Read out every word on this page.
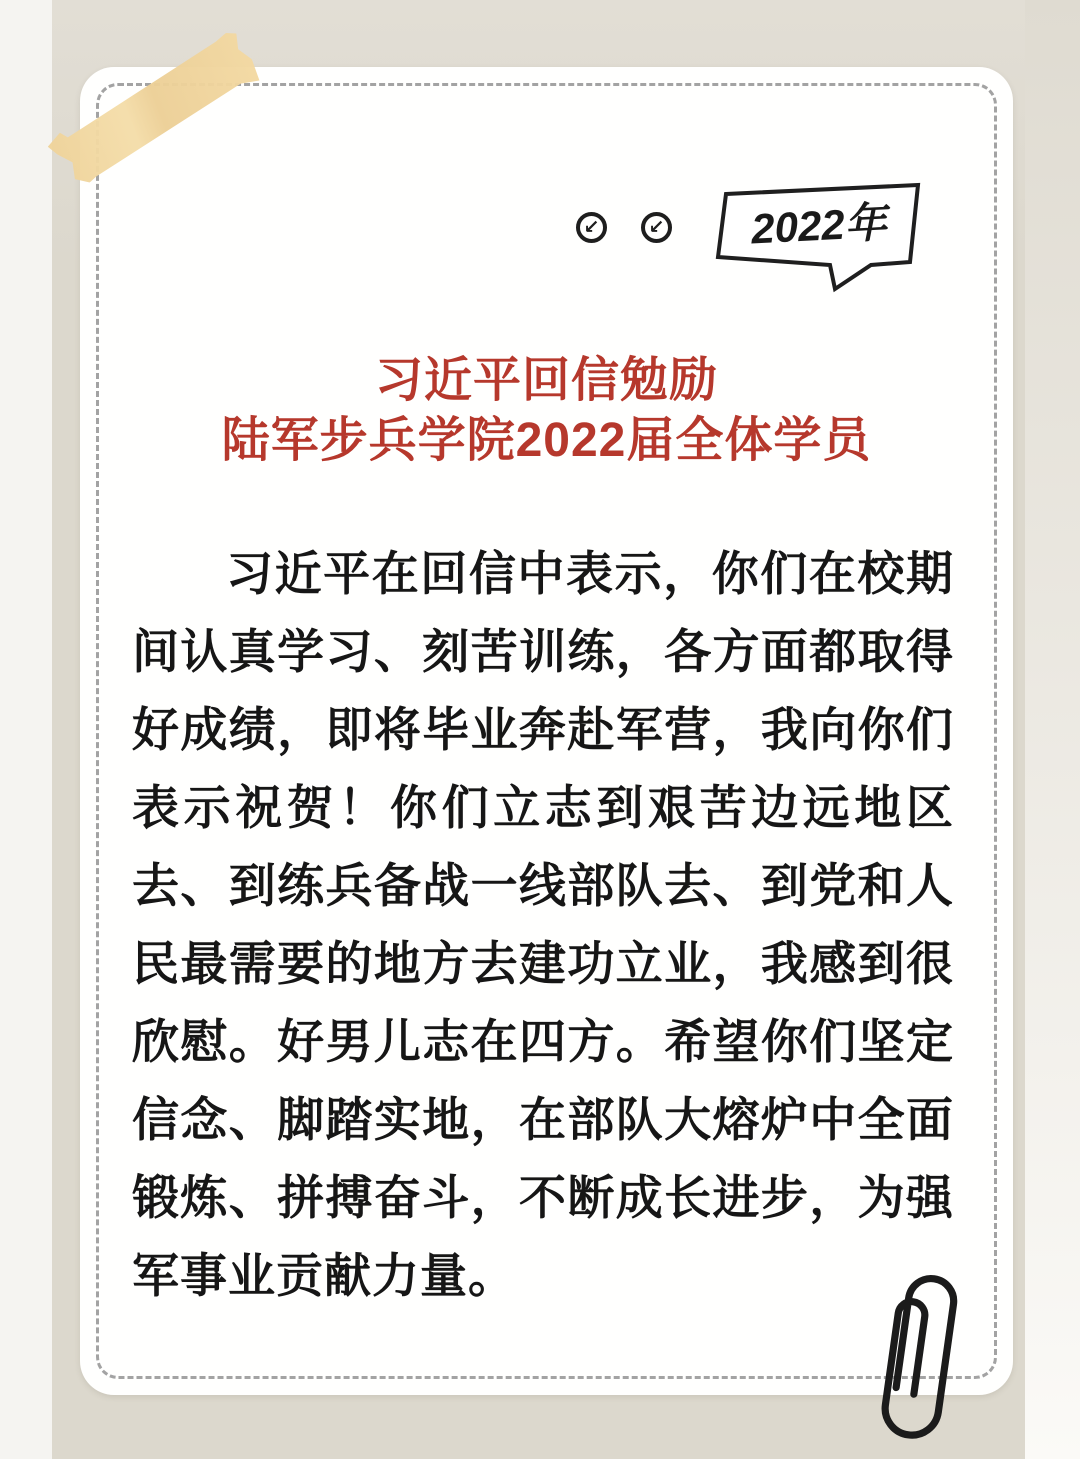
↙	↙ 2022年
习近平回信勉励
陆军步兵学院2022届全体学员
习近平在回信中表示，你们在校期间认真学习、刻苦训练，各方面都取得好成绩，即将毕业奔赴军营，我向你们表示祝贺！你们立志到艰苦边远地区去、到练兵备战一线部队去、到党和人民最需要的地方去建功立业，我感到很欣慰。好男儿志在四方。希望你们坚定信念、脚踏实地，在部队大熔炉中全面锻炼、拼搏奋斗，不断成长进步，为强军事业贡献力量。
